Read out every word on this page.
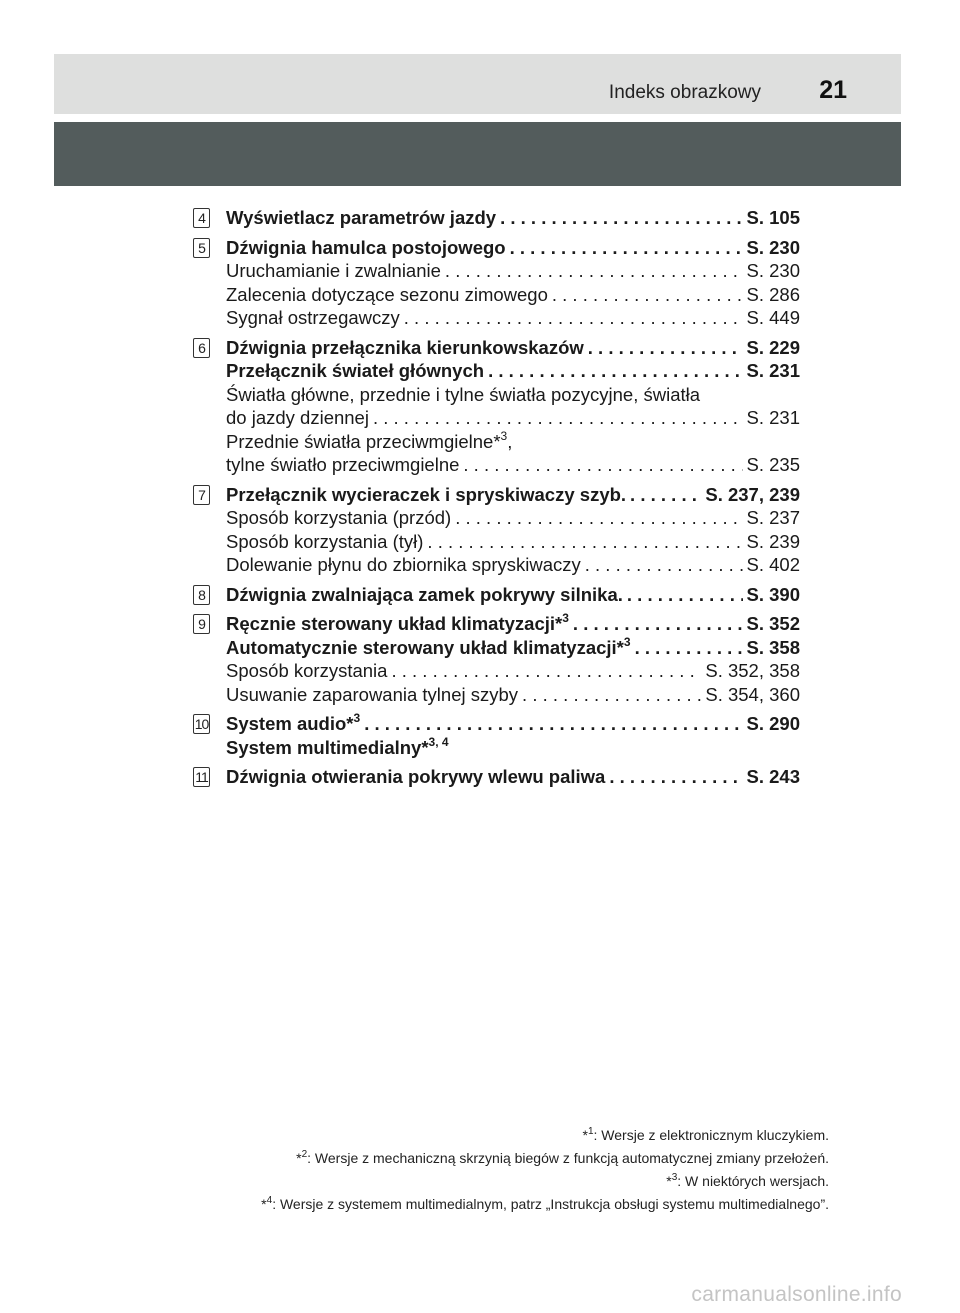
Indeks obrazkowy 21
4 Wyświetlacz parametrów jazdy . . .	S. 105
5 Dźwignia hamulca postojowego . . .	S. 230
Uruchamianie i zwalnianie . . .	S. 230
Zalecenia dotyczące sezonu zimowego . . .	S. 286
Sygnał ostrzegawczy . . .	S. 449
6 Dźwignia przełącznika kierunkowskazów . . .	S. 229
Przełącznik świateł głównych . . .	S. 231
Światła główne, przednie i tylne światła pozycyjne, światła
do jazdy dziennej . . .	S. 231
Przednie światła przeciwmgielne*$^3$,
tylne światło przeciwmgielne . . .	S. 235
7 Przełącznik wycieraczek i spryskiwaczy szyb. . . .	S. 237, 239
Sposób korzystania (przód) . . .	S. 237
Sposób korzystania (tył) . . .	S. 239
Dolewanie płynu do zbiornika spryskiwaczy . . .	S. 402
8 Dźwignia zwalniająca zamek pokrywy silnika. . . .	S. 390
9 Ręcznie sterowany układ klimatyzacji*$^3$ . . .	S. 352
Automatycznie sterowany układ klimatyzacji*$^3$ . . .	S. 358
Sposób korzystania . . .	S. 352, 358
Usuwanie zaparowania tylnej szyby . . .	S. 354, 360
10 System audio*$^3$ . . .	S. 290
System multimedialny*$^{3, 4}$
11 Dźwignia otwierania pokrywy wlewu paliwa . . .	S. 243
*$^1$: Wersje z elektronicznym kluczykiem.
*$^2$: Wersje z mechaniczną skrzynią biegów z funkcją automatycznej zmiany przełożeń.
*$^3$: W niektórych wersjach.
*$^4$: Wersje z systemem multimedialnym, patrz „Instrukcja obsługi systemu multimedialnego”.
carmanualsonline.info
